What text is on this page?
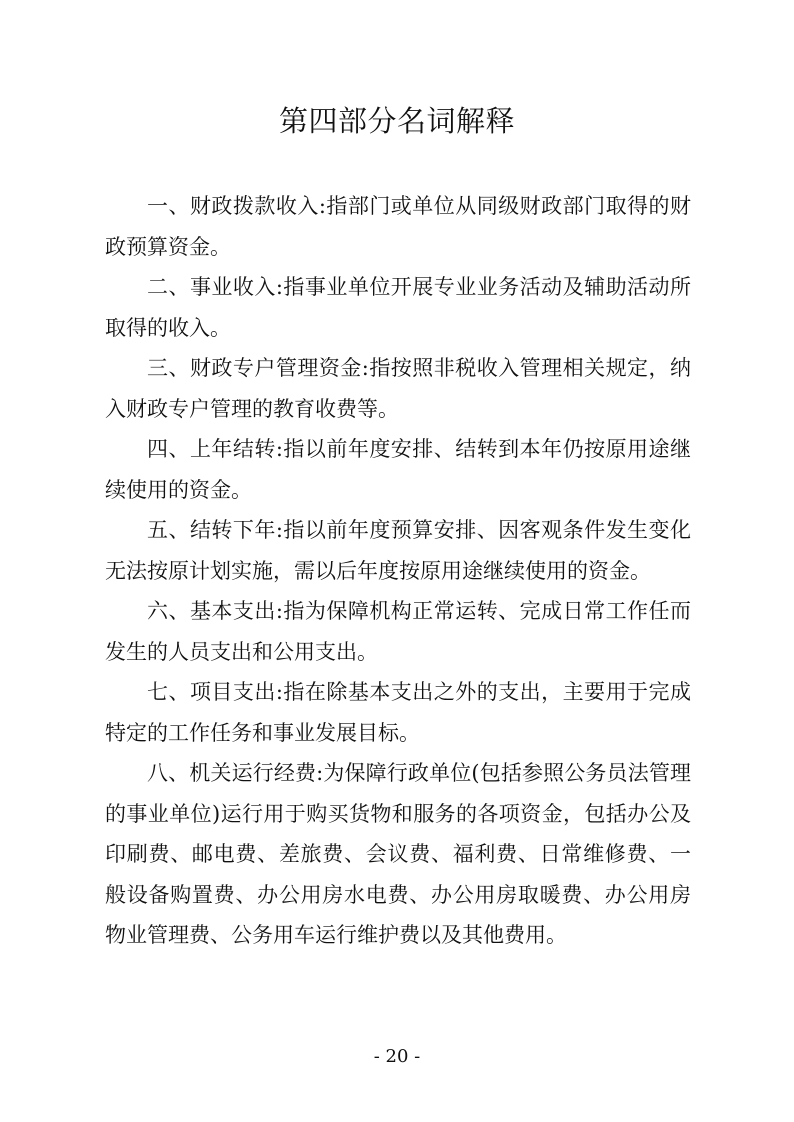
第四部分名词解释

一、财政拨款收入:指部门或单位从同级财政部门取得的财政预算资金。

二、事业收入:指事业单位开展专业业务活动及辅助活动所取得的收入。

三、财政专户管理资金:指按照非税收入管理相关规定，纳入财政专户管理的教育收费等。

四、上年结转:指以前年度安排、结转到本年仍按原用途继续使用的资金。

五、结转下年:指以前年度预算安排、因客观条件发生变化无法按原计划实施，需以后年度按原用途继续使用的资金。

六、基本支出:指为保障机构正常运转、完成日常工作任而发生的人员支出和公用支出。

七、项目支出:指在除基本支出之外的支出，主要用于完成特定的工作任务和事业发展目标。

八、机关运行经费:为保障行政单位(包括参照公务员法管理的事业单位)运行用于购买货物和服务的各项资金，包括办公及印刷费、邮电费、差旅费、会议费、福利费、日常维修费、一般设备购置费、办公用房水电费、办公用房取暖费、办公用房物业管理费、公务用车运行维护费以及其他费用。

- 20 -
